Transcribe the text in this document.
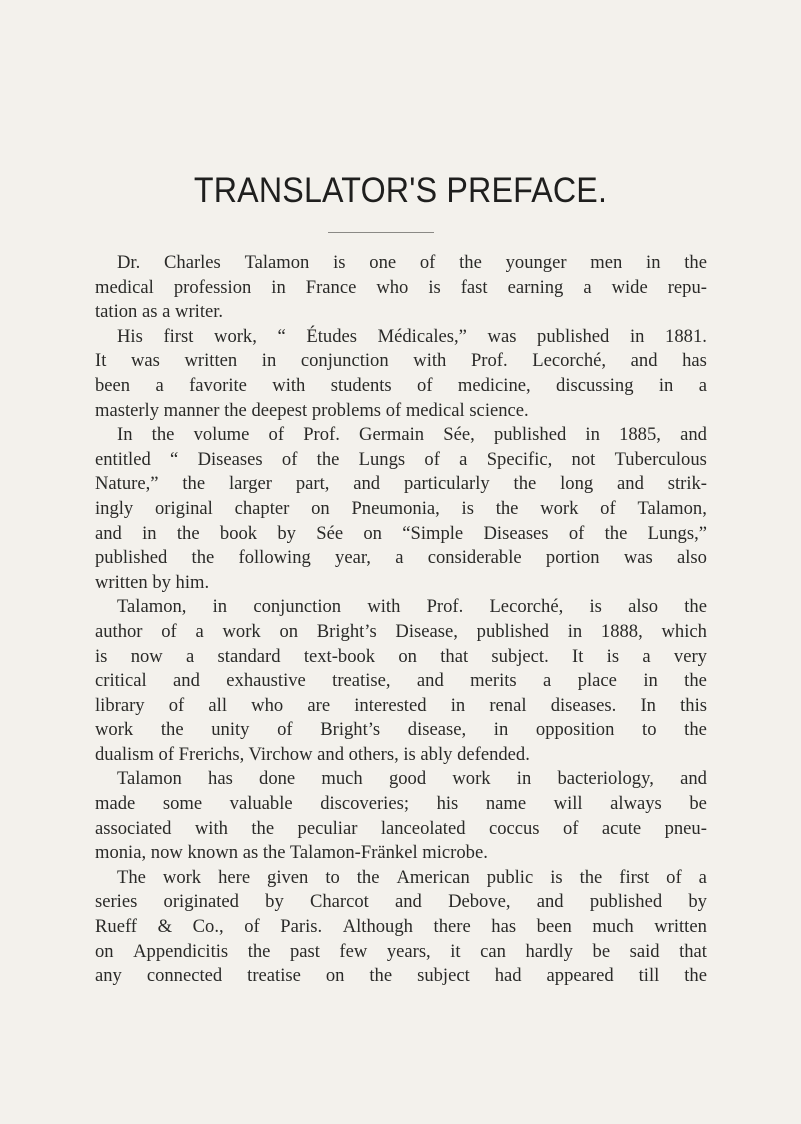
TRANSLATOR'S PREFACE.
Dr. Charles Talamon is one of the younger men in the
medical profession in France who is fast earning a wide repu-
tation as a writer.
His first work, “ Études Médicales,” was published in 1881.
It was written in conjunction with Prof. Lecorché, and has
been a favorite with students of medicine, discussing in a
masterly manner the deepest problems of medical science.
In the volume of Prof. Germain Sée, published in 1885, and
entitled “ Diseases of the Lungs of a Specific, not Tuberculous
Nature,” the larger part, and particularly the long and strik-
ingly original chapter on Pneumonia, is the work of Talamon,
and in the book by Sée on “Simple Diseases of the Lungs,”
published the following year, a considerable portion was also
written by him.
Talamon, in conjunction with Prof. Lecorché, is also the
author of a work on Bright’s Disease, published in 1888, which
is now a standard text-book on that subject. It is a very
critical and exhaustive treatise, and merits a place in the
library of all who are interested in renal diseases. In this
work the unity of Bright’s disease, in opposition to the
dualism of Frerichs, Virchow and others, is ably defended.
Talamon has done much good work in bacteriology, and
made some valuable discoveries; his name will always be
associated with the peculiar lanceolated coccus of acute pneu-
monia, now known as the Talamon-Fränkel microbe.
The work here given to the American public is the first of a
series originated by Charcot and Debove, and published by
Rueff & Co., of Paris. Although there has been much written
on Appendicitis the past few years, it can hardly be said that
any connected treatise on the subject had appeared till the
